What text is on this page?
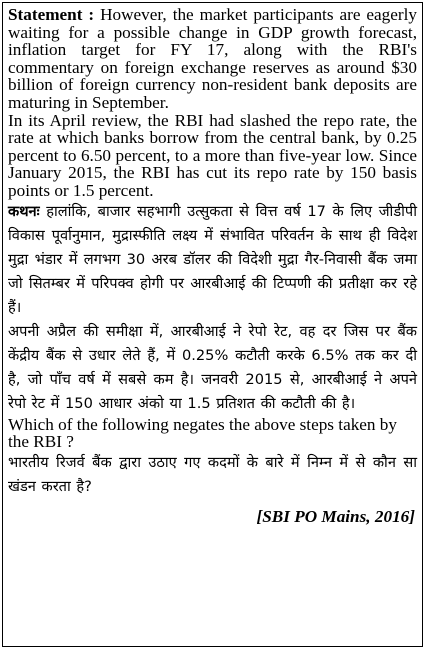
Statement : However, the market participants are eagerly waiting for a possible change in GDP growth forecast, inflation target for FY 17, along with the RBI's commentary on foreign exchange reserves as around $30 billion of foreign currency non-resident bank deposits are maturing in September.

In its April review, the RBI had slashed the repo rate, the rate at which banks borrow from the central bank, by 0.25 percent to 6.50 percent, to a more than five-year low. Since January 2015, the RBI has cut its repo rate by 150 basis points or 1.5 percent.

कथनः हालांकि, बाजार सहभागी उत्सुकता से वित्त वर्ष 17 के लिए जीडीपी विकास पूर्वानुमान, मुद्रास्फीति लक्ष्य में संभावित परिवर्तन के साथ ही विदेश मुद्रा भंडार में लगभग 30 अरब डॉलर की विदेशी मुद्रा गैर-निवासी बैंक जमा जो सितम्बर में परिपक्व होगी पर आरबीआई की टिप्पणी की प्रतीक्षा कर रहे हैं।

अपनी अप्रैल की समीक्षा में, आरबीआई ने रेपो रेट, वह दर जिस पर बैंक केंद्रीय बैंक से उधार लेते हैं, में 0.25% कटौती करके 6.5% तक कर दी है, जो पाँच वर्ष में सबसे कम है। जनवरी 2015 से, आरबीआई ने अपने रेपो रेट में 150 आधार अंको या 1.5 प्रतिशत की कटौती की है।

Which of the following negates the above steps taken by the RBI ?

भारतीय रिजर्व बैंक द्वारा उठाए गए कदमों के बारे में निम्न में से कौन सा खंडन करता है?

[SBI PO Mains, 2016]
